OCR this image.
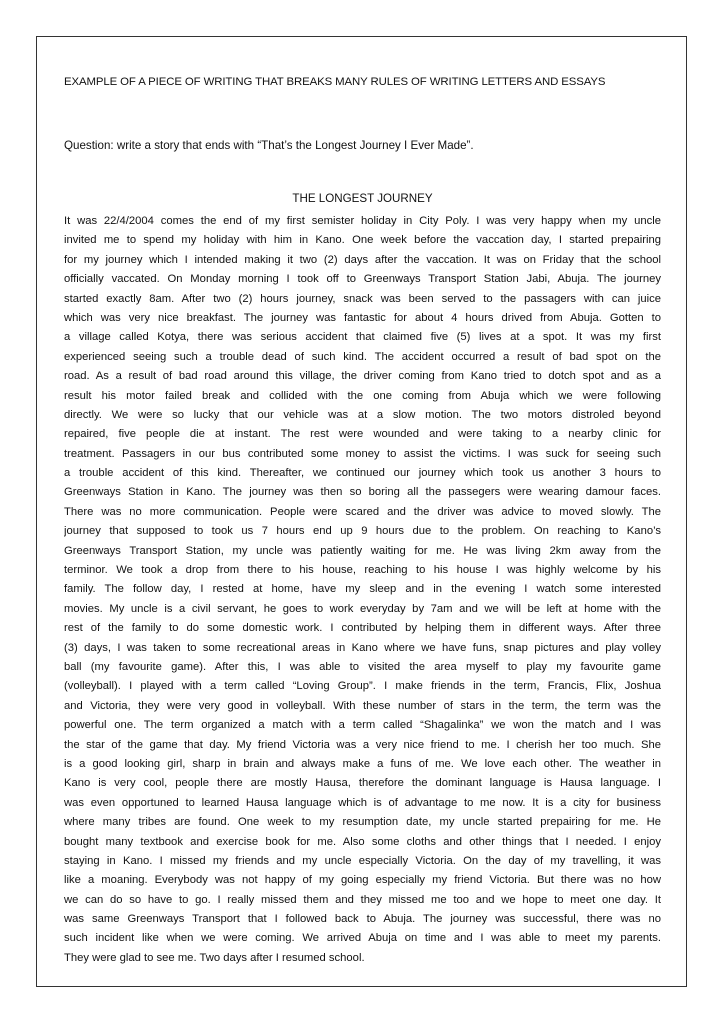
EXAMPLE OF A PIECE OF WRITING THAT BREAKS MANY RULES OF WRITING LETTERS AND ESSAYS
Question: write a story that ends with “That’s the Longest Journey I Ever Made”.
THE LONGEST JOURNEY
It was 22/4/2004 comes the end of my first semister holiday in City Poly. I was very happy when my uncle
invited me to spend my holiday with him in Kano. One week before the vaccation day, I started prepairing
for my journey which I intended making it two (2) days after the vaccation. It was on Friday that the school
officially vaccated. On Monday morning I took off to Greenways Transport Station Jabi, Abuja. The journey
started exactly 8am. After two (2) hours journey, snack was been served to the passagers with can juice
which was very nice breakfast. The journey was fantastic for about 4 hours drived from Abuja. Gotten to
a village called Kotya, there was serious accident that claimed five (5) lives at a spot. It was my first
experienced seeing such a trouble dead of such kind. The accident occurred a result of bad spot on the
road. As a result of bad road around this village, the driver coming from Kano tried to dotch spot and as a
result his motor failed break and collided with the one coming from Abuja which we were following
directly. We were so lucky that our vehicle was at a slow motion. The two motors distroled beyond
repaired, five people die at instant. The rest were wounded and were taking to a nearby clinic for
treatment. Passagers in our bus contributed some money to assist the victims. I was suck for seeing such
a trouble accident of this kind. Thereafter, we continued our journey which took us another 3 hours to
Greenways Station in Kano. The journey was then so boring all the passegers were wearing damour faces.
There was no more communication. People were scared and the driver was advice to moved slowly. The
journey that supposed to took us 7 hours end up 9 hours due to the problem. On reaching to Kano’s
Greenways Transport Station, my uncle was patiently waiting for me. He was living 2km away from the
terminor. We took a drop from there to his house, reaching to his house I was highly welcome by his
family. The follow day, I rested at home, have my sleep and in the evening I watch some interested
movies. My uncle is a civil servant, he goes to work everyday by 7am and we will be left at home with the
rest of the family to do some domestic work. I contributed by helping them in different ways. After three
(3) days, I was taken to some recreational areas in Kano where we have funs, snap pictures and play volley
ball (my favourite game). After this, I was able to visited the area myself to play my favourite game
(volleyball). I played with a term called “Loving Group”. I make friends in the term, Francis, Flix, Joshua
and Victoria, they were very good in volleyball. With these number of stars in the term, the term was the
powerful one. The term organized a match with a term called “Shagalinka” we won the match and I was
the star of the game that day. My friend Victoria was a very nice friend to me. I cherish her too much. She
is a good looking girl, sharp in brain and always make a funs of me. We love each other. The weather in
Kano is very cool, people there are mostly Hausa, therefore the dominant language is Hausa language. I
was even opportuned to learned Hausa language which is of advantage to me now. It is a city for business
where many tribes are found. One week to my resumption date, my uncle started prepairing for me. He
bought many textbook and exercise book for me. Also some cloths and other things that I needed. I enjoy
staying in Kano. I missed my friends and my uncle especially Victoria. On the day of my travelling, it was
like a moaning. Everybody was not happy of my going especially my friend Victoria. But there was no how
we can do so have to go. I really missed them and they missed me too and we hope to meet one day. It
was same Greenways Transport that I followed back to Abuja. The journey was successful, there was no
such incident like when we were coming. We arrived Abuja on time and I was able to meet my parents.
They were glad to see me. Two days after I resumed school.
